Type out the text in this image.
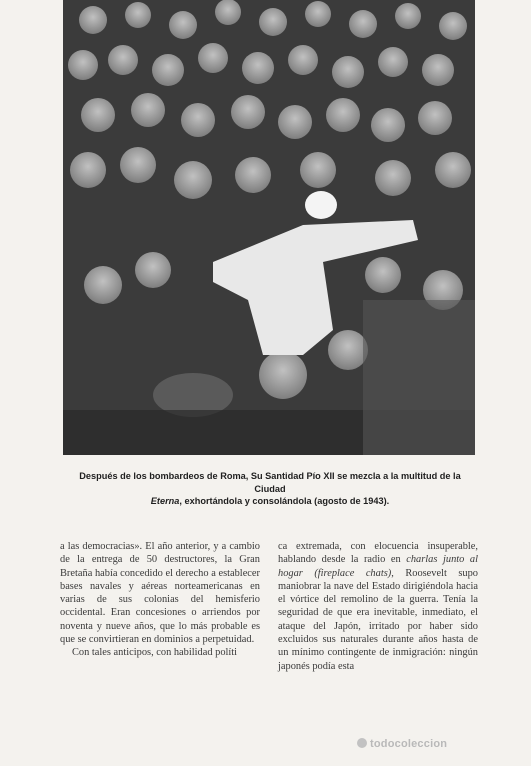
Después de los bombardeos de Roma, Su Santidad Pío XII se mezcla a la multitud de la Ciudad
Eterna, exhortándola y consolándola (agosto de 1943).

a las democracias». El año anterior, y a cambio de la entrega de 50 destructores, la Gran Bretaña había concedido el derecho a establecer bases navales y aéreas norteamericanas en varias de sus colonias del hemisferio occidental. Eran concesiones o arriendos por noventa y nueve años, que lo más probable es que se convirtieran en dominios a perpetuidad.

Con tales anticipos, con habilidad políti

ca extremada, con elocuencia insuperable, hablando desde la radio en charlas junto al hogar (fireplace chats), Roosevelt supo maniobrar la nave del Estado dirigiéndola hacia el vórtice del remolino de la guerra. Tenía la seguridad de que era inevitable, inmediato, el ataque del Japón, irritado por haber sido excluidos sus naturales durante años hasta de un mínimo contingente de inmigración: ningún japonés podía esta

todocoleccion
